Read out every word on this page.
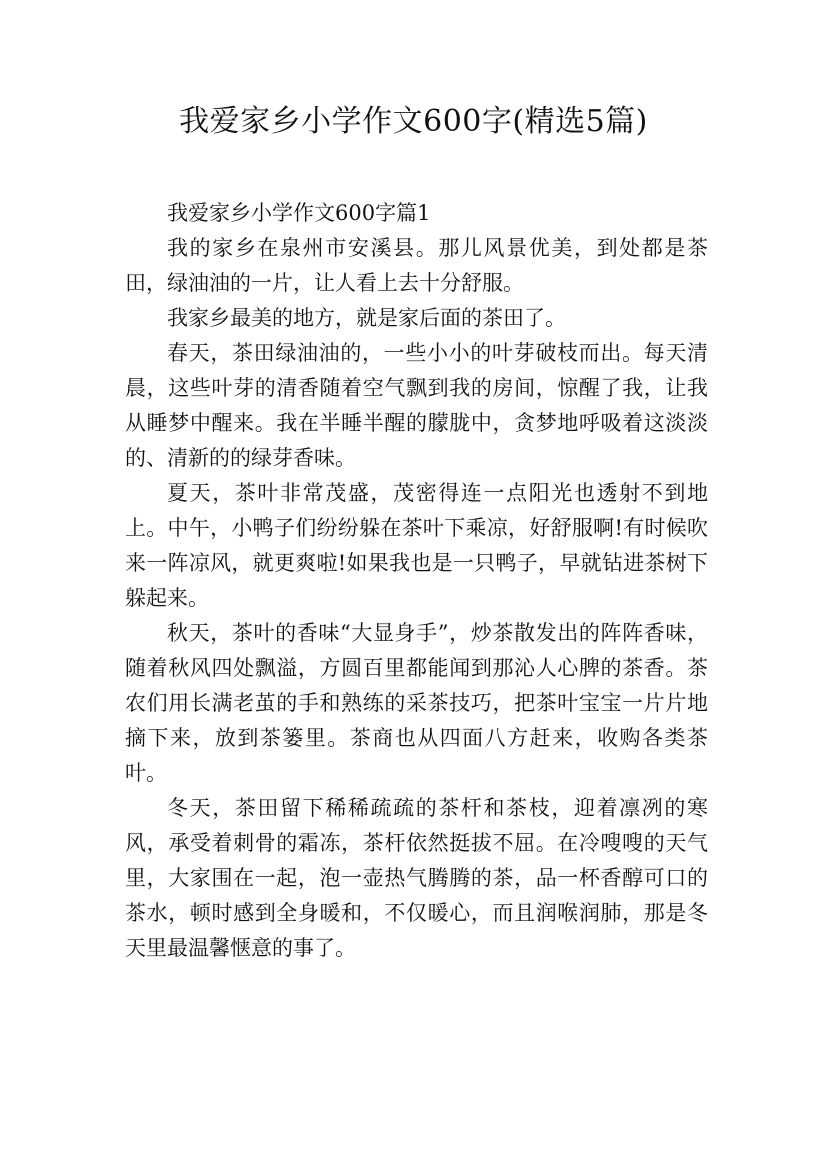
我爱家乡小学作文600字(精选5篇)

我爱家乡小学作文600字篇1

我的家乡在泉州市安溪县。那儿风景优美，到处都是茶田，绿油油的一片，让人看上去十分舒服。

我家乡最美的地方，就是家后面的茶田了。

春天，茶田绿油油的，一些小小的叶芽破枝而出。每天清晨，这些叶芽的清香随着空气飘到我的房间，惊醒了我，让我从睡梦中醒来。我在半睡半醒的朦胧中，贪梦地呼吸着这淡淡的、清新的的绿芽香味。

夏天，茶叶非常茂盛，茂密得连一点阳光也透射不到地上。中午，小鸭子们纷纷躲在茶叶下乘凉，好舒服啊!有时候吹来一阵凉风，就更爽啦!如果我也是一只鸭子，早就钻进茶树下躲起来。

秋天，茶叶的香味“大显身手”，炒茶散发出的阵阵香味，随着秋风四处飘溢，方圆百里都能闻到那沁人心脾的茶香。茶农们用长满老茧的手和熟练的采茶技巧，把茶叶宝宝一片片地摘下来，放到茶篓里。茶商也从四面八方赶来，收购各类茶叶。

冬天，茶田留下稀稀疏疏的茶杆和茶枝，迎着凛冽的寒风，承受着刺骨的霜冻，茶杆依然挺拔不屈。在冷嗖嗖的天气里，大家围在一起，泡一壶热气腾腾的茶，品一杯香醇可口的茶水，顿时感到全身暖和，不仅暖心，而且润喉润肺，那是冬天里最温馨惬意的事了。
